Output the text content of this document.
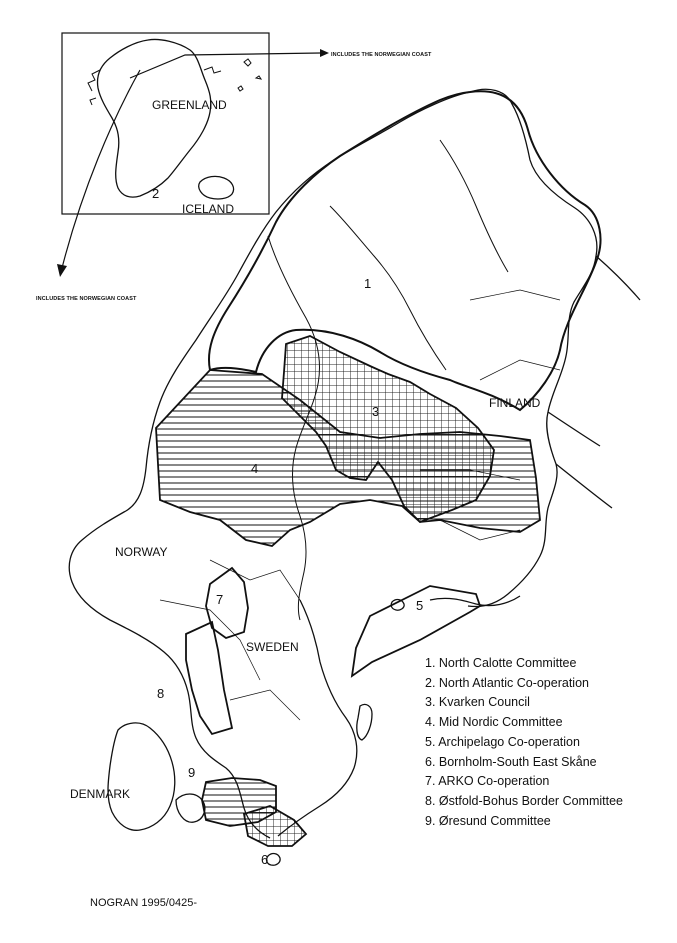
GREENLAND
ICELAND
FINLAND
NORWAY
SWEDEN
DENMARK
1
2
3
4
5
6
7
8
9
INCLUDES THE NORWEGIAN COAST
INCLUDES THE NORWEGIAN COAST
1. North Calotte Committee
2. North Atlantic Co-operation
3. Kvarken Council
4. Mid Nordic Committee
5. Archipelago Co-operation
6. Bornholm-South East Skåne
7. ARKO Co-operation
8. Østfold-Bohus Border Committee
9. Øresund Committee
NOGRAN 1995/0425-
